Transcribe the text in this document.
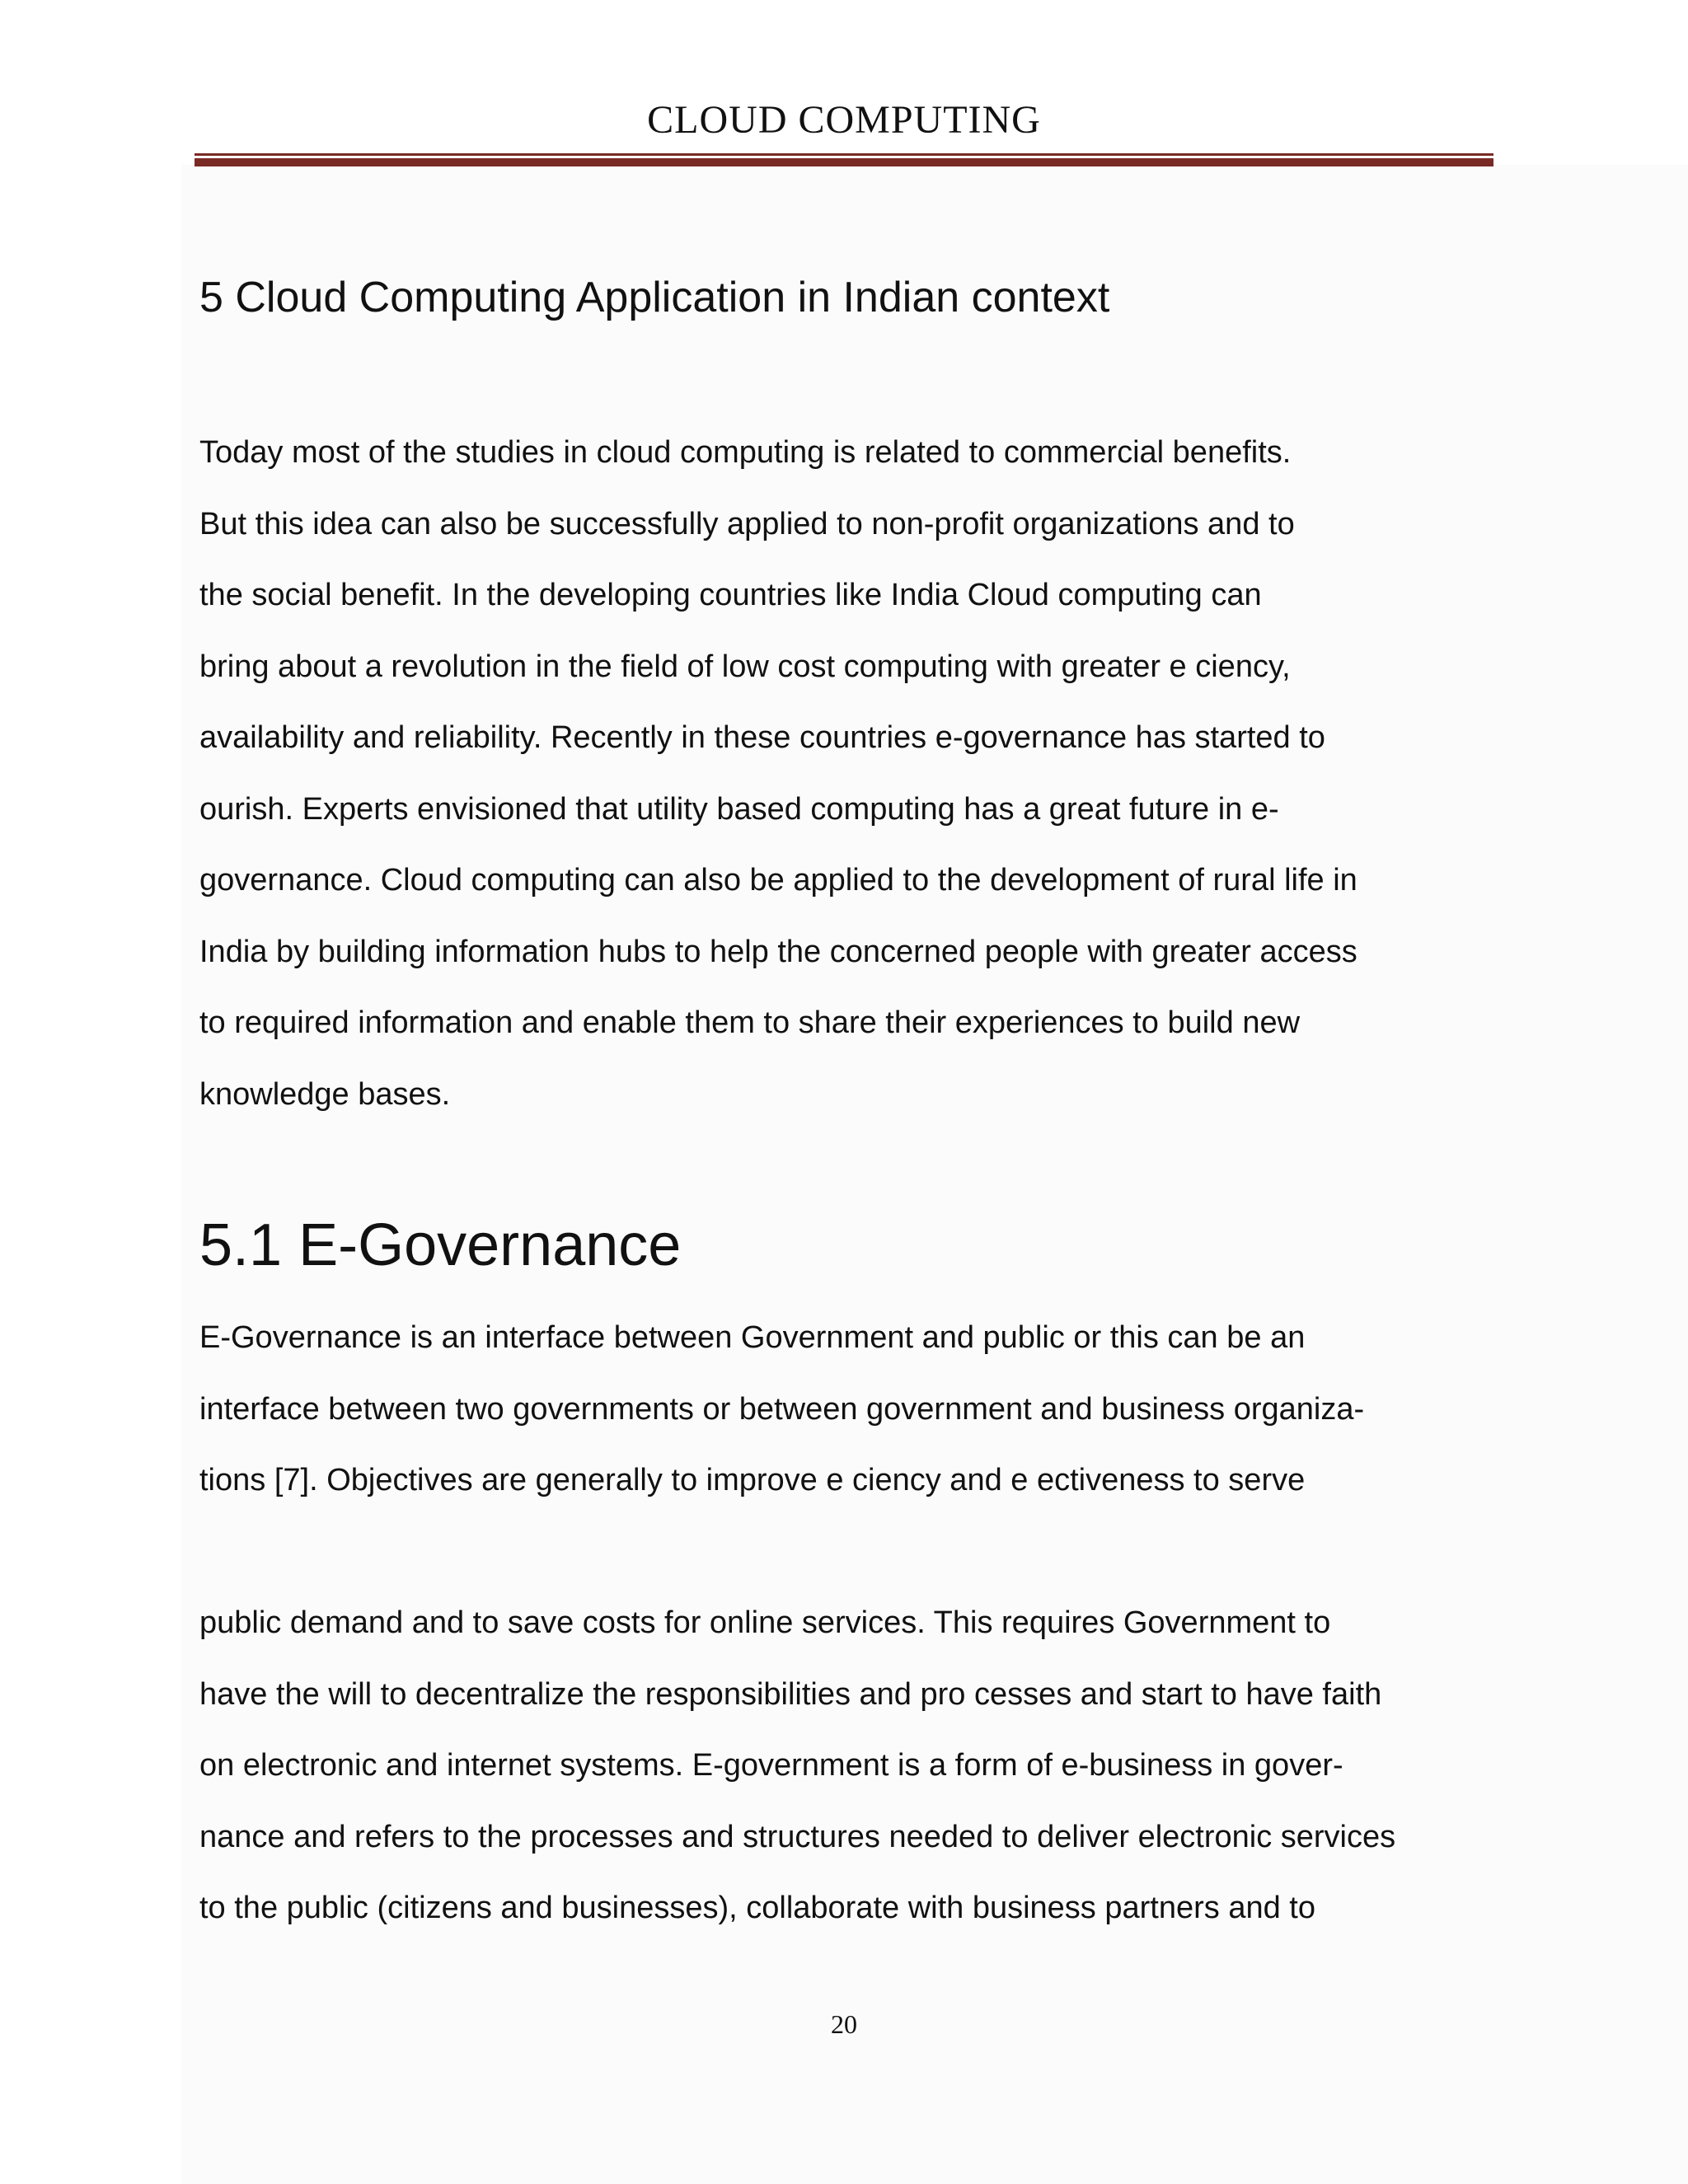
CLOUD COMPUTING
5 Cloud Computing Application in Indian context

Today most of the studies in cloud computing is related to commercial benefits.
But this idea can also be successfully applied to non-profit organizations and to
the social benefit. In the developing countries like India Cloud computing can
bring about a revolution in the field of low cost computing with greater e ciency,
availability and reliability. Recently in these countries e-governance has started to
ourish. Experts envisioned that utility based computing has a great future in e-
governance. Cloud computing can also be applied to the development of rural life in
India by building information hubs to help the concerned people with greater access
to required information and enable them to share their experiences to build new
knowledge bases.

5.1 E-Governance

E-Governance is an interface between Government and public or this can be an
interface between two governments or between government and business organiza-
tions [7]. Objectives are generally to improve e ciency and e ectiveness to serve

public demand and to save costs for online services. This requires Government to
have the will to decentralize the responsibilities and pro cesses and start to have faith
on electronic and internet systems. E-government is a form of e-business in gover-
nance and refers to the processes and structures needed to deliver electronic services
to the public (citizens and businesses), collaborate with business partners and to

20
